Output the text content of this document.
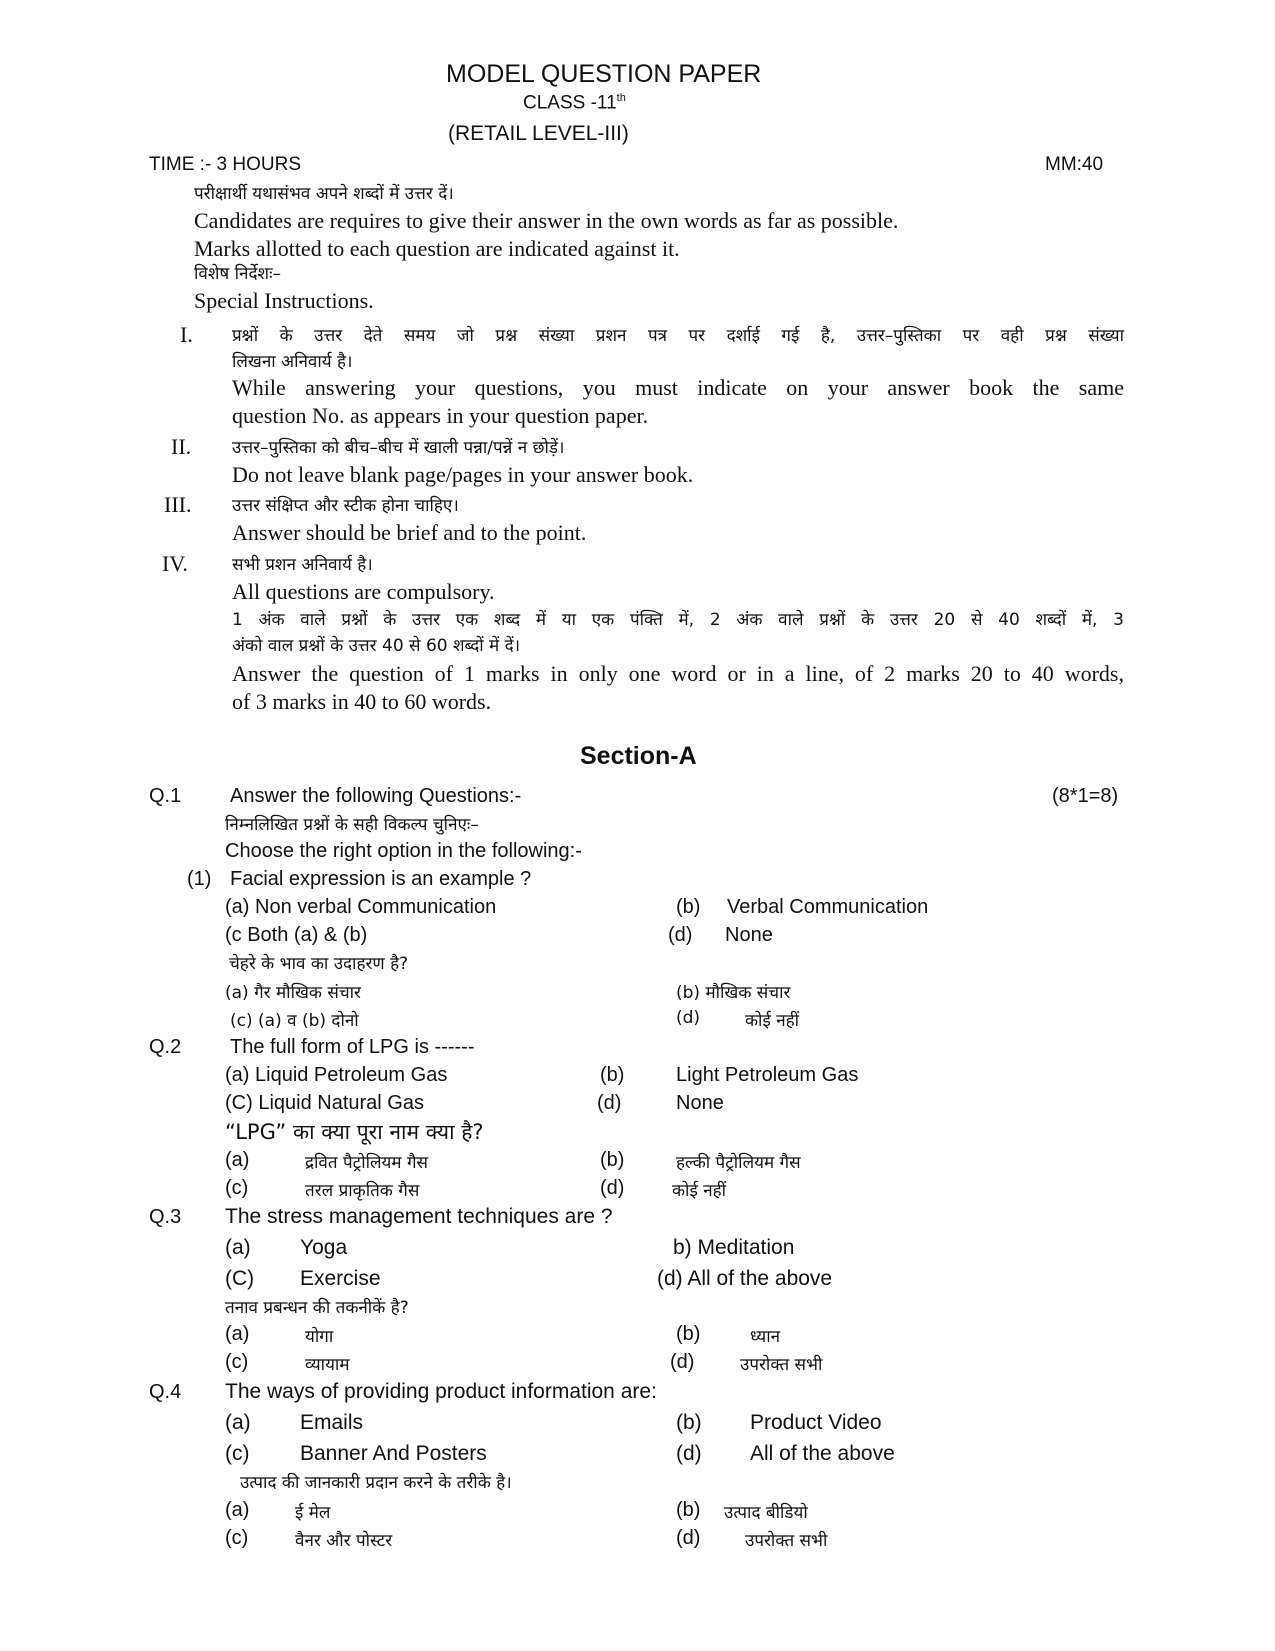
MODEL QUESTION PAPER
CLASS -11th
(RETAIL LEVEL-III)
TIME :- 3 HOURS	MM:40
परीक्षार्थी यथासंभव अपने शब्दों में उत्तर दें।
Candidates are requires to give their answer in the own words as far as possible.
Marks allotted to each question are indicated against it.
विशेष निर्देशः–
Special Instructions.
I. प्रश्नों के उत्तर देते समय जो प्रश्न संख्या प्रशन पत्र पर दर्शाई गई है, उत्तर–पुस्तिका पर वही प्रश्न संख्या
लिखना अनिवार्य है।
While answering your questions, you must indicate on your answer book the same
question No. as appears in your question paper.
II. उत्तर–पुस्तिका को बीच–बीच में खाली पन्ना/पन्नें न छोड़ें।
Do not leave blank page/pages in your answer book.
III. उत्तर संक्षिप्त और स्टीक होना चाहिए।
Answer should be brief and to the point.
IV.	सभी प्रशन अनिवार्य है।
All questions are compulsory.
1 अंक वाले प्रश्नों के उत्तर एक शब्द में या एक पंक्ति में, 2 अंक वाले प्रश्नों के उत्तर 20 से 40 शब्दों में, 3
अंको वाल प्रश्नों के उत्तर 40 से 60 शब्दों में दें।
Answer the question of 1 marks in only one word or in a line, of 2 marks 20 to 40 words,
of 3 marks in 40 to 60 words.
Section-A
Q.1 Answer the following Questions:-	(8*1=8)
निम्नलिखित प्रश्नों के सही विकल्प चुनिएः–
Choose the right option in the following:-
(1) Facial expression is an example ?
(a) Non verbal Communication	(b) Verbal Communication
(c Both (a) & (b)	(d) None
चेहरे के भाव का उदाहरण है?
(a) गैर मौखिक संचार	(b) मौखिक संचार
(c) (a) व (b) दोनो	(d)	कोई नहीं
Q.2 The full form of LPG is ------
(a) Liquid Petroleum Gas	(b)	Light Petroleum Gas
(C) Liquid Natural Gas	(d)	None
“LPG” का क्या पूरा नाम क्या है?
(a)	द्रवित पैट्रोलियम गैस	(b)	हल्की पैट्रोलियम गैस
(c)	तरल प्राकृतिक गैस	(d)	कोई नहीं
Q.3 The stress management techniques are ?
(a) Yoga	b) Meditation
(C) Exercise	(d) All of the above
तनाव प्रबन्धन की तकनीकें है?
(a)	योगा	(b)	ध्यान
(c)	व्यायाम	(d)	उपरोक्त सभी
Q.4 The ways of providing product information are:
(a) Emails	(b) Product Video
(c) Banner And Posters	(d) All of the above
उत्पाद की जानकारी प्रदान करने के तरीके है।
(a)	ई मेल	(b) उत्पाद बीडियो
(c)	वैनर और पोस्टर	(d)	उपरोक्त सभी
